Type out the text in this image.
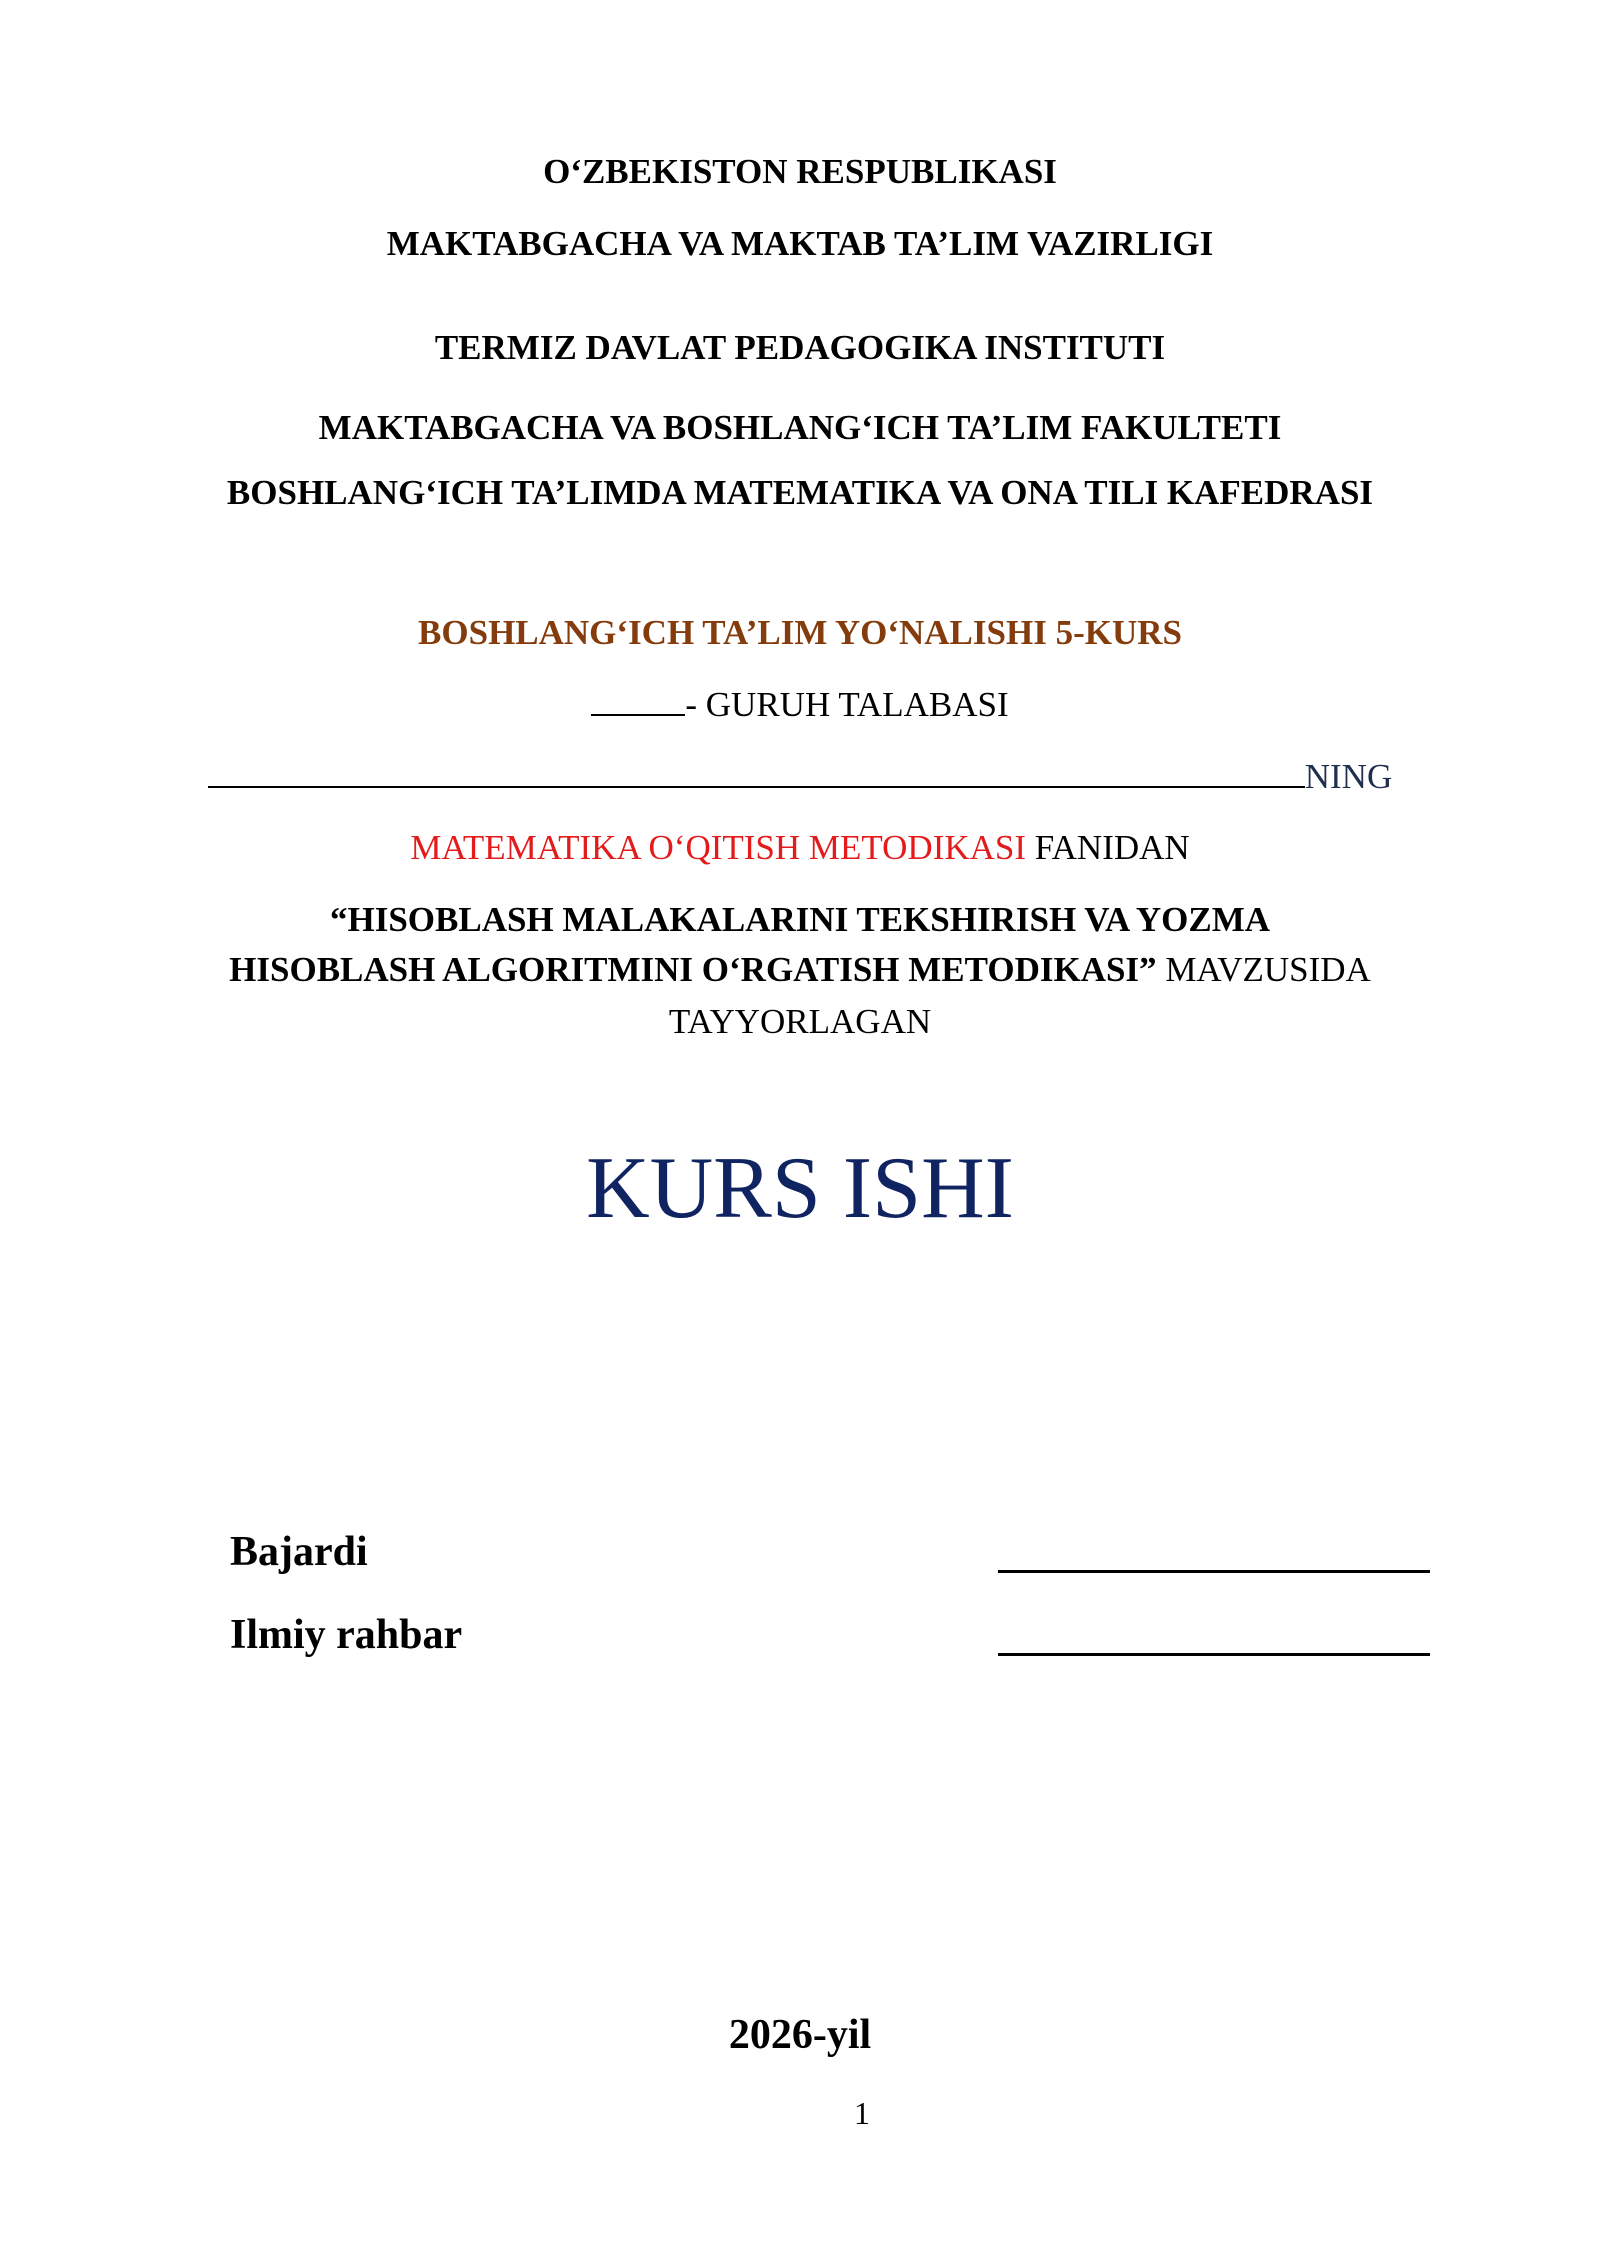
O‘ZBEKISTON RESPUBLIKASI
MAKTABGACHA VA MAKTAB TA’LIM VAZIRLIGI
TERMIZ DAVLAT PEDAGOGIKA INSTITUTI
MAKTABGACHA VA BOSHLANG‘ICH TA’LIM FAKULTETI
BOSHLANG‘ICH TA’LIMDA MATEMATIKA VA ONA TILI KAFEDRASI
BOSHLANG‘ICH TA’LIM YO‘NALISHI 5-KURS
- GURUH TALABASI
NING
MATEMATIKA O‘QITISH METODIKASI FANIDAN
“HISOBLASH MALAKALARINI TEKSHIRISH VA YOZMA
HISOBLASH ALGORITMINI O‘RGATISH METODIKASI” MAVZUSIDA
TAYYORLAGAN
KURS ISHI
Bajardi
Ilmiy rahbar
2026-yil
1
